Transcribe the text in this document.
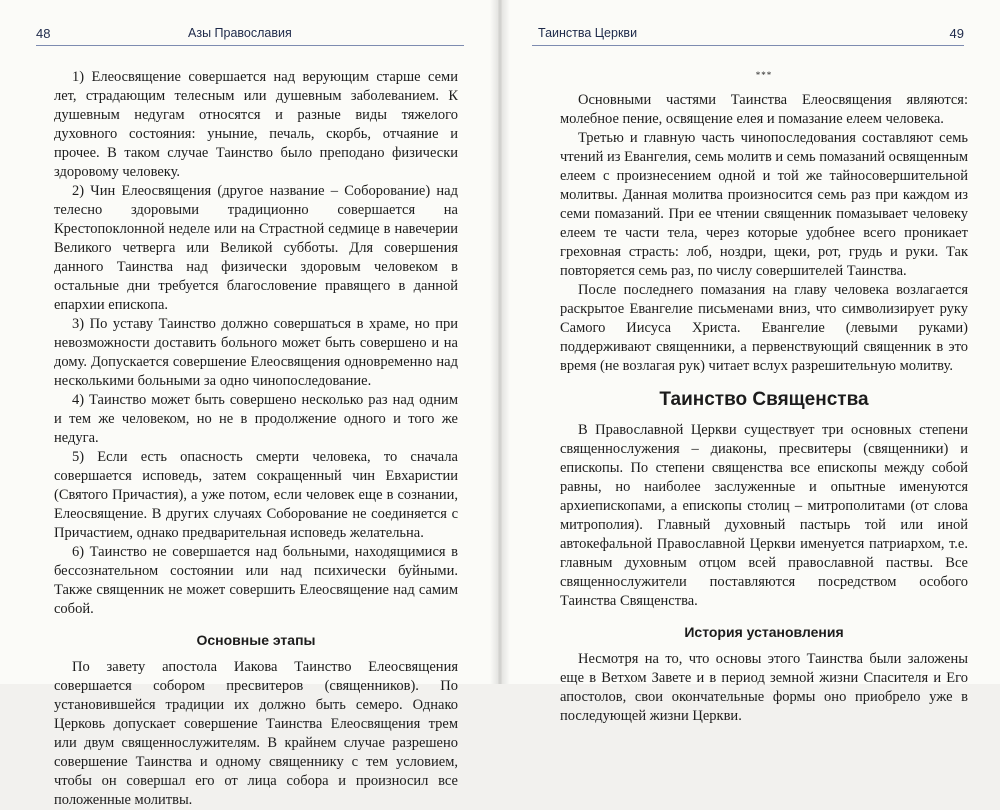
48	Азы Православия

1) Елеосвящение совершается над верующим старше семи лет, страдающим телесным или душевным заболеванием. К душевным недугам относятся и разные виды тяжелого духовного состояния: уныние, печаль, скорбь, отчаяние и прочее. В таком случае Таинство было преподано физически здоровому человеку.

2) Чин Елеосвящения (другое название – Соборование) над телесно здоровыми традиционно совершается на Крестопоклонной неделе или на Страстной седмице в навечерии Великого четверга или Великой субботы. Для совершения данного Таинства над физически здоровым человеком в остальные дни требуется благословение правящего в данной епархии епископа.

3) По уставу Таинство должно совершаться в храме, но при невозможности доставить больного может быть совершено и на дому. Допускается совершение Елеосвящения одновременно над несколькими больными за одно чинопоследование.

4) Таинство может быть совершено несколько раз над одним и тем же человеком, но не в продолжение одного и того же недуга.

5) Если есть опасность смерти человека, то сначала совершается исповедь, затем сокращенный чин Евхаристии (Святого Причастия), а уже потом, если человек еще в сознании, Елеосвящение. В других случаях Соборование не соединяется с Причастием, однако предварительная исповедь желательна.

6) Таинство не совершается над больными, находящимися в бессознательном состоянии или над психически буйными. Также священник не может совершить Елеосвящение над самим собой.

Основные этапы

По завету апостола Иакова Таинство Елеосвящения совершается собором пресвитеров (священников). По установившейся традиции их должно быть семеро. Однако Церковь допускает совершение Таинства Елеосвящения трем или двум священнослужителям. В крайнем случае разрешено совершение Таинства и одному священнику с тем условием, чтобы он совершал его от лица собора и произносил все положенные молитвы.

Таинства Церкви	49

***

Основными частями Таинства Елеосвящения являются: молебное пение, освящение елея и помазание елеем человека.

Третью и главную часть чинопоследования составляют семь чтений из Евангелия, семь молитв и семь помазаний освященным елеем с произнесением одной и той же тайносовершительной молитвы. Данная молитва произносится семь раз при каждом из семи помазаний. При ее чтении священник помазывает человеку елеем те части тела, через которые удобнее всего проникает греховная страсть: лоб, ноздри, щеки, рот, грудь и руки. Так повторяется семь раз, по числу совершителей Таинства.

После последнего помазания на главу человека возлагается раскрытое Евангелие письменами вниз, что символизирует руку Самого Иисуса Христа. Евангелие (левыми руками) поддерживают священники, а первенствующий священник в это время (не возлагая рук) читает вслух разрешительную молитву.

Таинство Священства

В Православной Церкви существует три основных степени священнослужения – диаконы, пресвитеры (священники) и епископы. По степени священства все епископы между собой равны, но наиболее заслуженные и опытные именуются архиепископами, а епископы столиц – митрополитами (от слова митрополия). Главный духовный пастырь той или иной автокефальной Православной Церкви именуется патриархом, т.е. главным духовным отцом всей православной паствы. Все священнослужители поставляются посредством особого Таинства Священства.

История установления

Несмотря на то, что основы этого Таинства были заложены еще в Ветхом Завете и в период земной жизни Спасителя и Его апостолов, свои окончательные формы оно приобрело уже в последующей жизни Церкви.
